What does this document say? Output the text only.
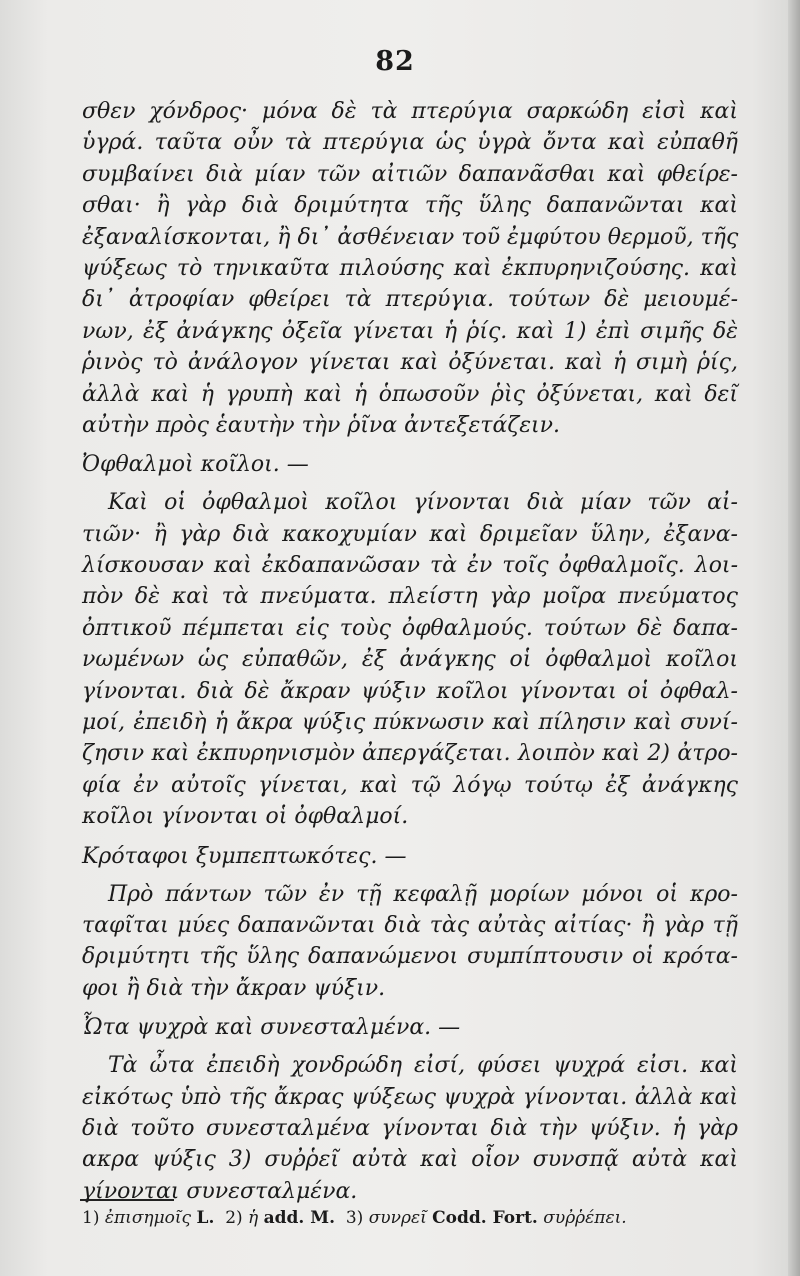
82
σθεν χόνδρος· μόνα δὲ τὰ πτερύγια σαρκώδη εἰσὶ καὶ
ὑγρά. ταῦτα οὖν τὰ πτερύγια ὡς ὑγρὰ ὄντα καὶ εὐπαθῆ
συμβαίνει διὰ μίαν τῶν αἰτιῶν δαπανᾶσθαι καὶ φθείρε-
σθαι· ἢ γὰρ διὰ δριμύτητα τῆς ὕλης δαπανῶνται καὶ
ἐξαναλίσκονται, ἢ δι᾽ ἀσθένειαν τοῦ ἐμφύτου θερμοῦ, τῆς
ψύξεως τὸ τηνικαῦτα πιλούσης καὶ ἐκπυρηνιζούσης. καὶ
δι᾽ ἀτροφίαν φθείρει τὰ πτερύγια. τούτων δὲ μειουμέ-
νων, ἐξ ἀνάγκης ὀξεῖα γίνεται ἡ ῥίς. καὶ 1) ἐπὶ σιμῆς δὲ
ῥινὸς τὸ ἀνάλογον γίνεται καὶ ὀξύνεται. καὶ ἡ σιμὴ ῥίς,
ἀλλὰ καὶ ἡ γρυπὴ καὶ ἡ ὁπωσοῦν ῥὶς ὀξύνεται, καὶ δεῖ
αὐτὴν πρὸς ἑαυτὴν τὴν ῥῖνα ἀντεξετάζειν.
Ὀφθαλμοὶ κοῖλοι. —
Καὶ οἱ ὀφθαλμοὶ κοῖλοι γίνονται διὰ μίαν τῶν αἰ-
τιῶν· ἢ γὰρ διὰ κακοχυμίαν καὶ δριμεῖαν ὕλην, ἐξανα-
λίσκουσαν καὶ ἐκδαπανῶσαν τὰ ἐν τοῖς ὀφθαλμοῖς. λοι-
πὸν δὲ καὶ τὰ πνεύματα. πλείστη γὰρ μοῖρα πνεύματος
ὀπτικοῦ πέμπεται εἰς τοὺς ὀφθαλμούς. τούτων δὲ δαπα-
νωμένων ὡς εὐπαθῶν, ἐξ ἀνάγκης οἱ ὀφθαλμοὶ κοῖλοι
γίνονται. διὰ δὲ ἄκραν ψύξιν κοῖλοι γίνονται οἱ ὀφθαλ-
μοί, ἐπειδὴ ἡ ἄκρα ψύξις πύκνωσιν καὶ πίλησιν καὶ συνί-
ζησιν καὶ ἐκπυρηνισμὸν ἀπεργάζεται. λοιπὸν καὶ 2) ἀτρο-
φία ἐν αὐτοῖς γίνεται, καὶ τῷ λόγῳ τούτῳ ἐξ ἀνάγκης
κοῖλοι γίνονται οἱ ὀφθαλμοί.
Κρόταφοι ξυμπεπτωκότες. —
Πρὸ πάντων τῶν ἐν τῇ κεφαλῇ μορίων μόνοι οἱ κρο-
ταφῖται μύες δαπανῶνται διὰ τὰς αὐτὰς αἰτίας· ἢ γὰρ τῇ
δριμύτητι τῆς ὕλης δαπανώμενοι συμπίπτουσιν οἱ κρότα-
φοι ἢ διὰ τὴν ἄκραν ψύξιν.
Ὦτα ψυχρὰ καὶ συνεσταλμένα. —
Τὰ ὦτα ἐπειδὴ χονδρώδη εἰσί, φύσει ψυχρά εἰσι. καὶ
εἰκότως ὑπὸ τῆς ἄκρας ψύξεως ψυχρὰ γίνονται. ἀλλὰ καὶ
διὰ τοῦτο συνεσταλμένα γίνονται διὰ τὴν ψύξιν. ἡ γὰρ
ακρα ψύξις 3) συῤῥεῖ αὐτὰ καὶ οἷον συνσπᾷ αὐτὰ καὶ
γίνονται συνεσταλμένα.
1) ἐπισημοῖς L. 2) ἡ add. M. 3) συνρεῖ Codd. Fort. συῤῥέπει.
